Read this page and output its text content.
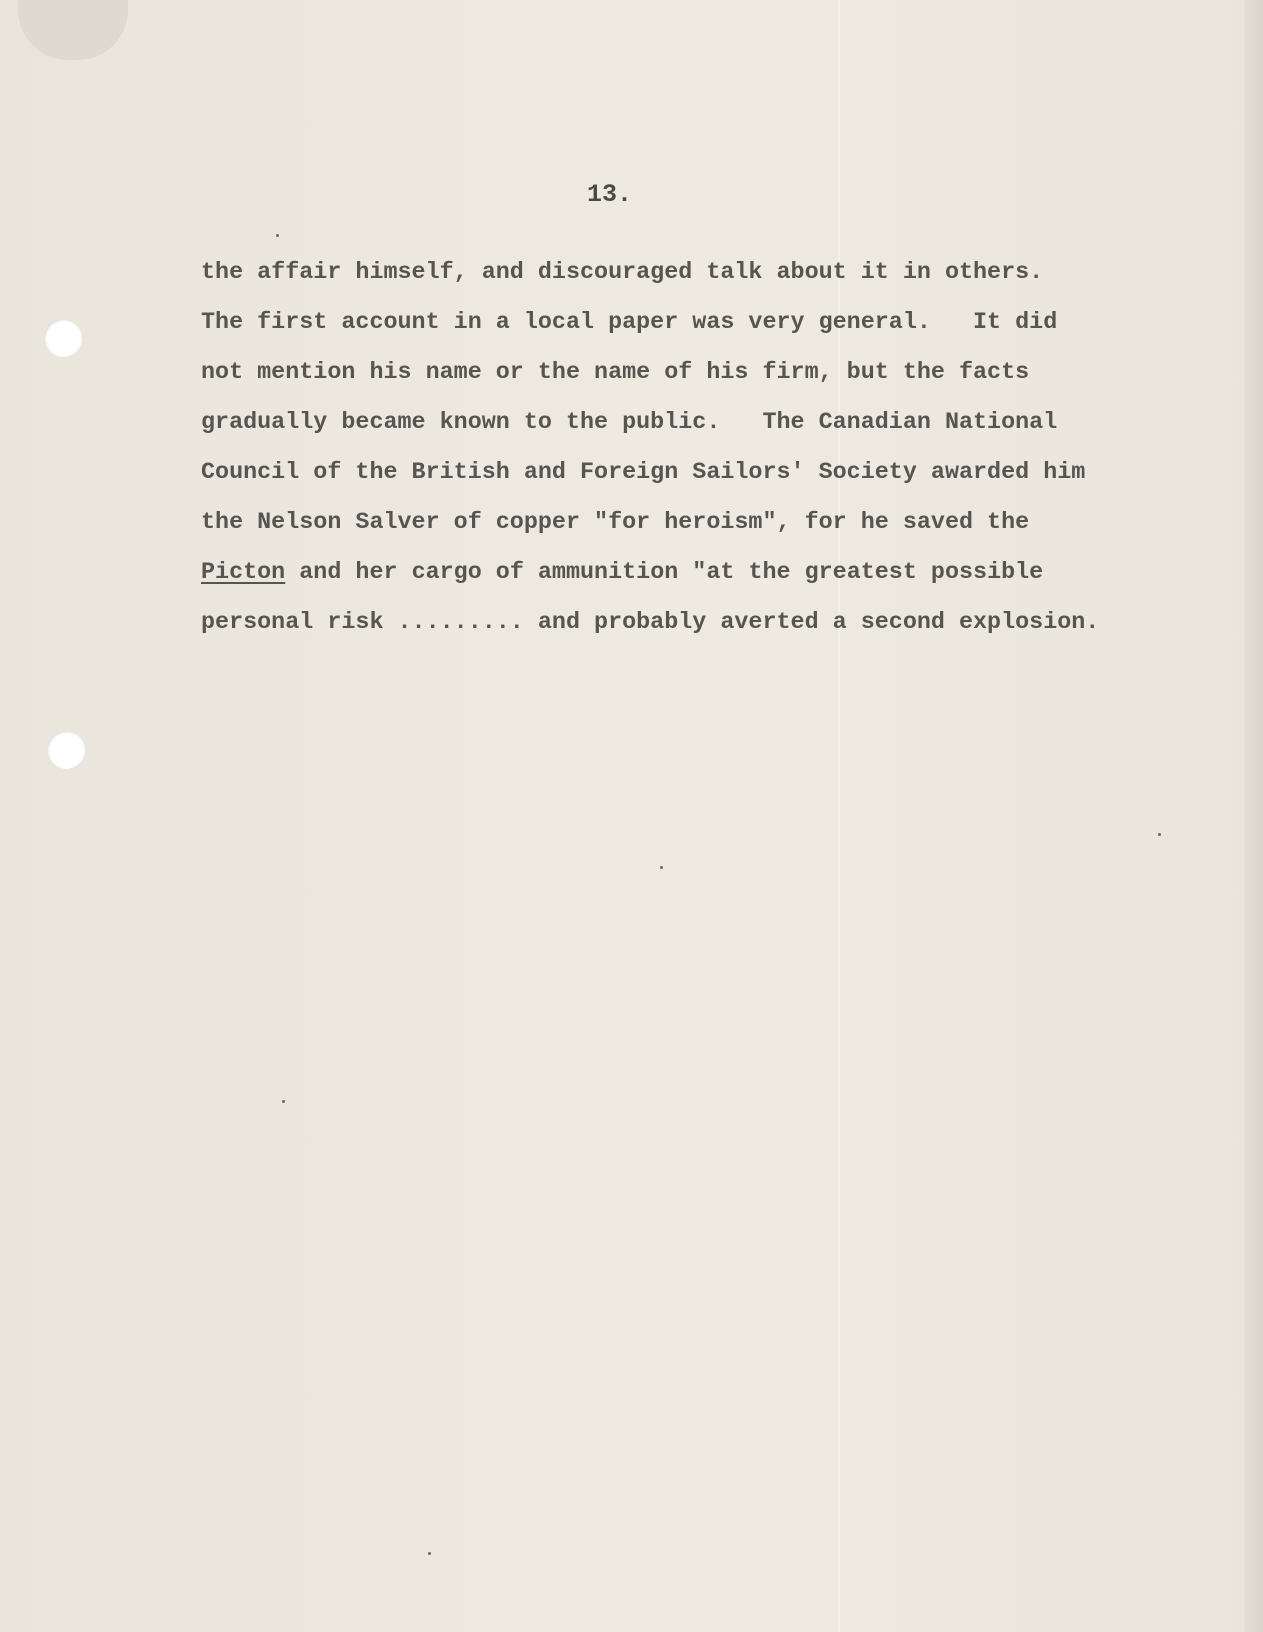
13.
the affair himself, and discouraged talk about it in others.
The first account in a local paper was very general.   It did
not mention his name or the name of his firm, but the facts
gradually became known to the public.   The Canadian National
Council of the British and Foreign Sailors' Society awarded him
the Nelson Salver of copper "for heroism", for he saved the
Picton and her cargo of ammunition "at the greatest possible
personal risk ......... and probably averted a second explosion.
